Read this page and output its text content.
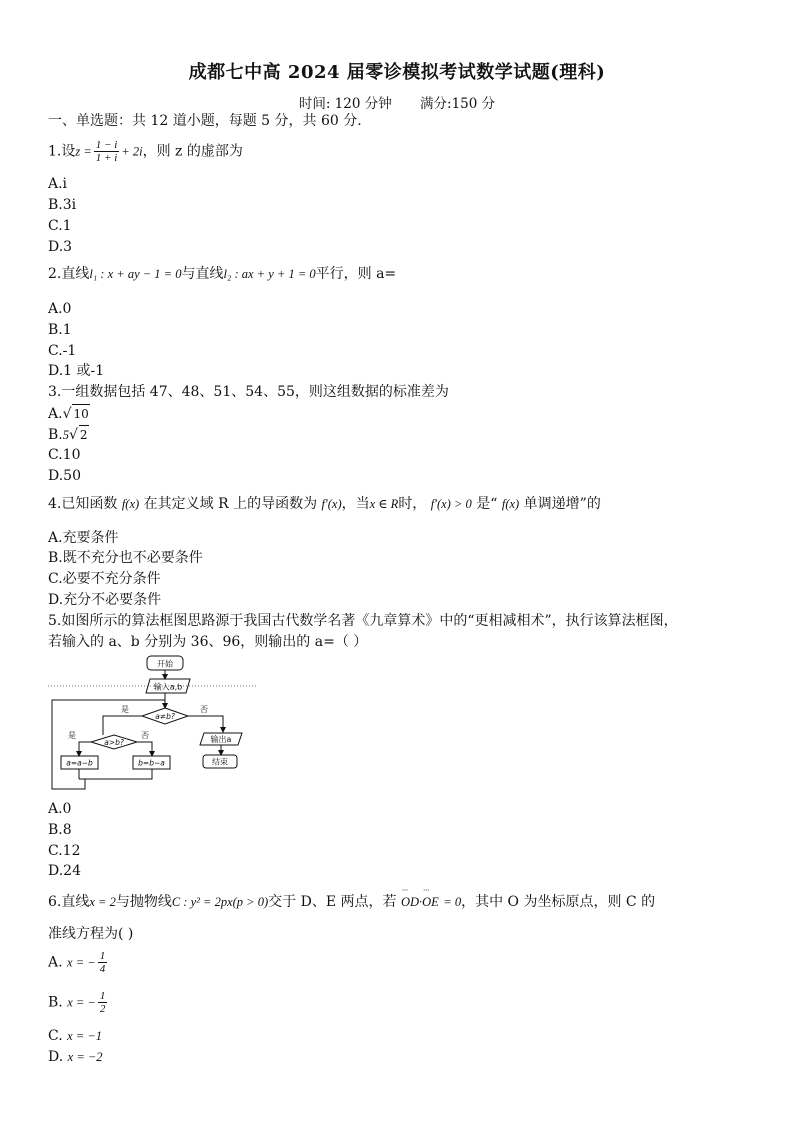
成都七中高 2024 届零诊模拟考试数学试题(理科)
时间: 120 分钟 满分:150 分
一、单选题：共 12 道小题，每题 5 分，共 60 分.
1.设$z = \frac{1 - i}{1 + i} + 2i$，则 z 的虚部为
A.i
B.3i
C.1
D.3
2.直线l₁ : x + ay − 1 = 0与直线l₂ : ax + y + 1 = 0平行，则 a=
A.0
B.1
C.-1
D.1 或-1
3.一组数据包括 47、48、51、54、55，则这组数据的标准差为
A.√ 10
B.5√ 2
C.10
D.50
4.已知函数 f(x) 在其定义域 R 上的导函数为 f′(x)，当x ∈ R时， f′(x) > 0 是“ f(x) 单调递增”的
A.充要条件
B.既不充分也不必要条件
C.必要不充分条件
D.充分不必要条件
5.如图所示的算法框图思路源于我国古代数学名著《九章算术》中的“更相减相术”，执行该算法框图，
若输入的 a、b 分别为 36、96，则输出的 a=（ ）
开始
输入a,b
a≠b?
是	否
a>b?
是	否
a=a−b	b=b−a
输出a
结束
A.0
B.8
C.12
D.24
6.直线x = 2与抛物线C : y² = 2px(p > 0)交于 D、E 两点，若 ˙˙˙ OD·˙˙˙ OE = 0，其中 O 为坐标原点，则 C 的
准线方程为( )
A. x = − $\frac{1}{4}$
B. x = − $\frac{1}{2}$
C. x = −1
D. x = −2
